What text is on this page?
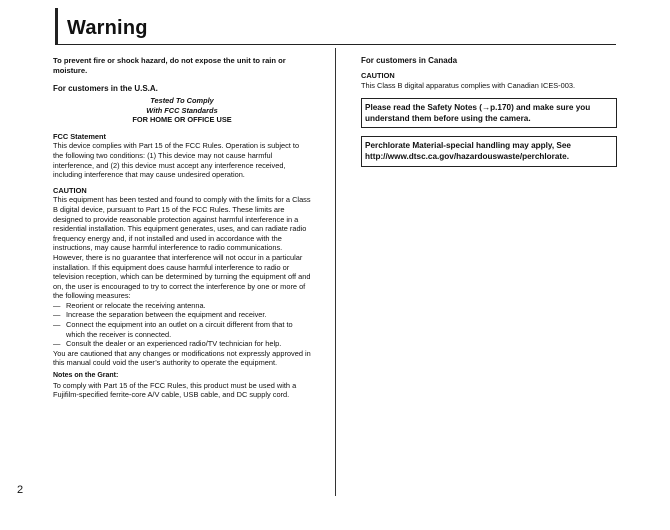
Warning

To prevent fire or shock hazard, do not expose the unit to rain or moisture.

For customers in the U.S.A.
Tested To Comply
With FCC Standards
FOR HOME OR OFFICE USE
FCC Statement

This device complies with Part 15 of the FCC Rules. Operation is subject to the following two conditions: (1) This device may not cause harmful interference, and (2) this device must accept any interference received, including interference that may cause undesired operation.

CAUTION

This equipment has been tested and found to comply with the limits for a Class B digital device, pursuant to Part 15 of the FCC Rules. These limits are designed to provide reasonable protection against harmful interference in a residential installation. This equipment generates, uses, and can radiate radio frequency energy and, if not installed and used in accordance with the instructions, may cause harmful interference to radio communications. However, there is no guarantee that interference will not occur in a particular installation. If this equipment does cause harmful interference to radio or television reception, which can be determined by turning the equipment off and on, the user is encouraged to try to correct the interference by one or more of the following measures:

— Reorient or relocate the receiving antenna.
— Increase the separation between the equipment and receiver.
— Connect the equipment into an outlet on a circuit different from that to which the receiver is connected.
— Consult the dealer or an experienced radio/TV technician for help.

You are cautioned that any changes or modifications not expressly approved in this manual could void the user’s authority to operate the equipment.

Notes on the Grant:

To comply with Part 15 of the FCC Rules, this product must be used with a Fujifilm-specified ferrite-core A/V cable, USB cable, and DC supply cord.

For customers in Canada
CAUTION

This Class B digital apparatus complies with Canadian ICES-003.

Please read the Safety Notes (→p.170) and make sure you understand them before using the camera.
Perchlorate Material-special handling may apply, See http://www.dtsc.ca.gov/hazardouswaste/perchlorate.
2
